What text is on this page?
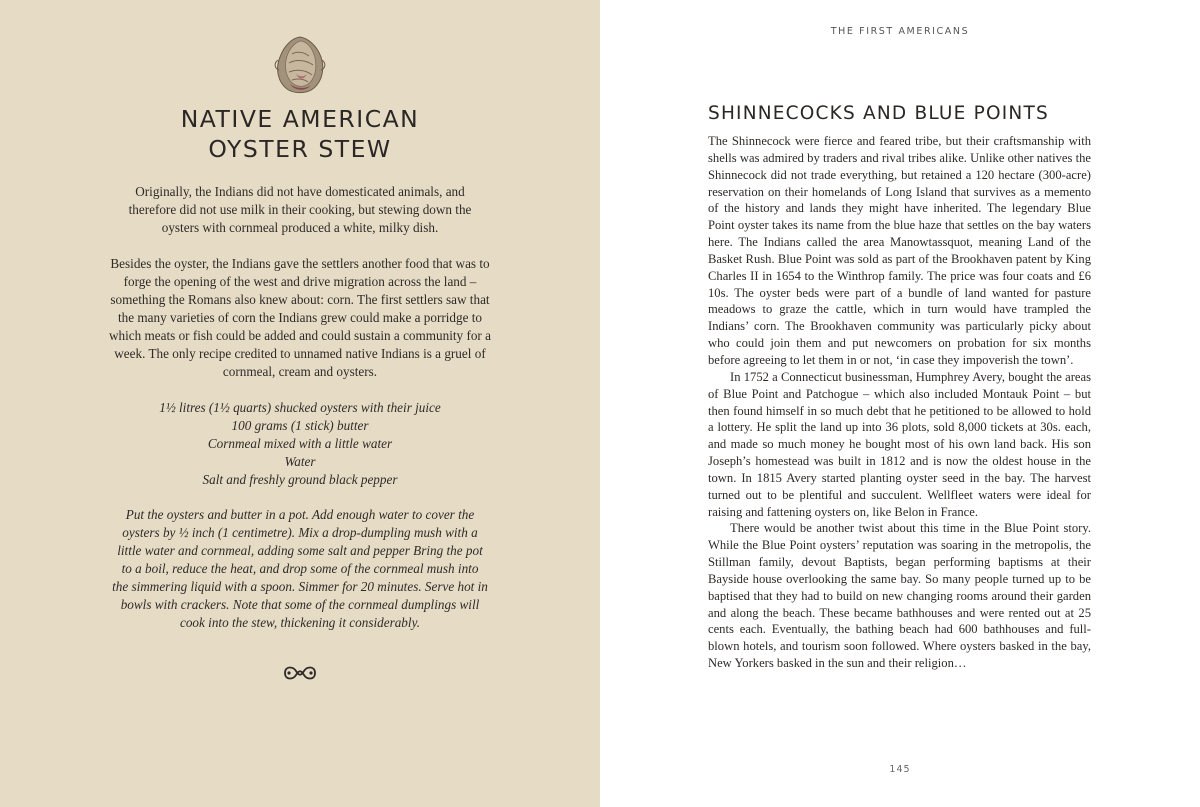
NATIVE AMERICAN
OYSTER STEW

Originally, the Indians did not have domesticated animals, and therefore did not use milk in their cooking, but stewing down the oysters with cornmeal produced a white, milky dish.

Besides the oyster, the Indians gave the settlers another food that was to forge the opening of the west and drive migration across the land – something the Romans also knew about: corn. The first settlers saw that the many varieties of corn the Indians grew could make a porridge to which meats or fish could be added and could sustain a community for a week. The only recipe credited to unnamed native Indians is a gruel of cornmeal, cream and oysters.

1½ litres (1½ quarts) shucked oysters with their juice
100 grams (1 stick) butter
Cornmeal mixed with a little water
Water
Salt and freshly ground black pepper

Put the oysters and butter in a pot. Add enough water to cover the oysters by ½ inch (1 centimetre). Mix a drop-dumpling mush with a little water and cornmeal, adding some salt and pepper Bring the pot to a boil, reduce the heat, and drop some of the cornmeal mush into the simmering liquid with a spoon. Simmer for 20 minutes. Serve hot in bowls with crackers. Note that some of the cornmeal dumplings will cook into the stew, thickening it considerably.

THE FIRST AMERICANS

SHINNECOCKS AND BLUE POINTS

The Shinnecock were fierce and feared tribe, but their craftsmanship with shells was admired by traders and rival tribes alike. Unlike other natives the Shinnecock did not trade everything, but retained a 120 hectare (300-acre) reservation on their homelands of Long Island that survives as a memento of the history and lands they might have inherited. The legendary Blue Point oyster takes its name from the blue haze that settles on the bay waters here. The Indians called the area Manowtassquot, meaning Land of the Basket Rush. Blue Point was sold as part of the Brookhaven patent by King Charles II in 1654 to the Winthrop family. The price was four coats and £6 10s. The oyster beds were part of a bundle of land wanted for pasture meadows to graze the cattle, which in turn would have trampled the Indians’ corn. The Brookhaven community was particularly picky about who could join them and put newcomers on probation for six months before agreeing to let them in or not, ‘in case they impoverish the town’.

In 1752 a Connecticut businessman, Humphrey Avery, bought the areas of Blue Point and Patchogue – which also included Montauk Point – but then found himself in so much debt that he petitioned to be allowed to hold a lottery. He split the land up into 36 plots, sold 8,000 tickets at 30s. each, and made so much money he bought most of his own land back. His son Joseph’s homestead was built in 1812 and is now the oldest house in the town. In 1815 Avery started planting oyster seed in the bay. The harvest turned out to be plentiful and succulent. Wellfleet waters were ideal for raising and fattening oysters on, like Belon in France.

There would be another twist about this time in the Blue Point story. While the Blue Point oysters’ reputation was soaring in the metropolis, the Stillman family, devout Baptists, began performing baptisms at their Bayside house overlooking the same bay. So many people turned up to be baptised that they had to build on new changing rooms around their garden and along the beach. These became bathhouses and were rented out at 25 cents each. Eventually, the bathing beach had 600 bathhouses and full-blown hotels, and tourism soon followed. Where oysters basked in the bay, New Yorkers basked in the sun and their religion…

145
